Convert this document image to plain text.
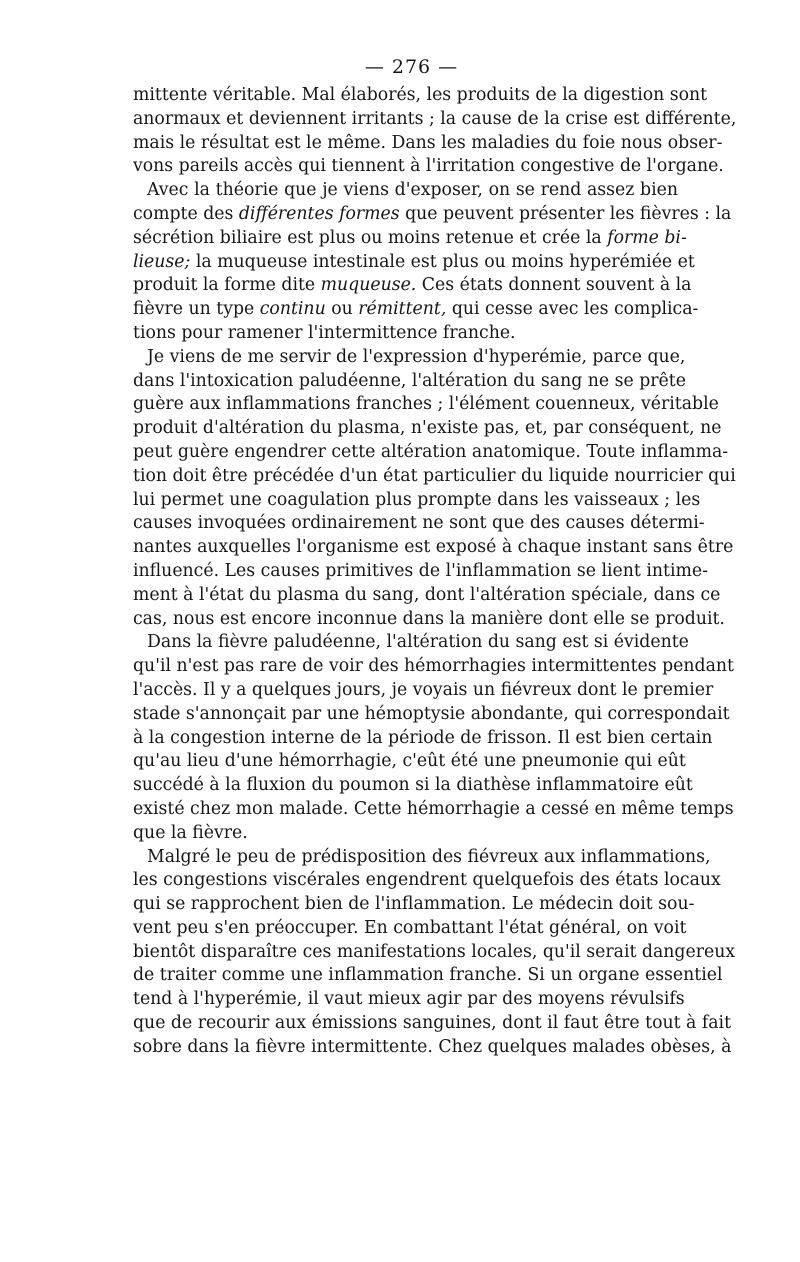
— 276 —
mittente véritable. Mal élaborés, les produits de la digestion sont
anormaux et deviennent irritants ; la cause de la crise est différente,
mais le résultat est le même. Dans les maladies du foie nous obser-
vons pareils accès qui tiennent à l'irritation congestive de l'organe.
Avec la théorie que je viens d'exposer, on se rend assez bien
compte des différentes formes que peuvent présenter les fièvres : la
sécrétion biliaire est plus ou moins retenue et crée la forme bi-
lieuse; la muqueuse intestinale est plus ou moins hyperémiée et
produit la forme dite muqueuse. Ces états donnent souvent à la
fièvre un type continu ou rémittent, qui cesse avec les complica-
tions pour ramener l'intermittence franche.
Je viens de me servir de l'expression d'hyperémie, parce que,
dans l'intoxication paludéenne, l'altération du sang ne se prête
guère aux inflammations franches ; l'élément couenneux, véritable
produit d'altération du plasma, n'existe pas, et, par conséquent, ne
peut guère engendrer cette altération anatomique. Toute inflamma-
tion doit être précédée d'un état particulier du liquide nourricier qui
lui permet une coagulation plus prompte dans les vaisseaux ; les
causes invoquées ordinairement ne sont que des causes détermi-
nantes auxquelles l'organisme est exposé à chaque instant sans être
influencé. Les causes primitives de l'inflammation se lient intime-
ment à l'état du plasma du sang, dont l'altération spéciale, dans ce
cas, nous est encore inconnue dans la manière dont elle se produit.
Dans la fièvre paludéenne, l'altération du sang est si évidente
qu'il n'est pas rare de voir des hémorrhagies intermittentes pendant
l'accès. Il y a quelques jours, je voyais un fiévreux dont le premier
stade s'annonçait par une hémoptysie abondante, qui correspondait
à la congestion interne de la période de frisson. Il est bien certain
qu'au lieu d'une hémorrhagie, c'eût été une pneumonie qui eût
succédé à la fluxion du poumon si la diathèse inflammatoire eût
existé chez mon malade. Cette hémorrhagie a cessé en même temps
que la fièvre.
Malgré le peu de prédisposition des fiévreux aux inflammations,
les congestions viscérales engendrent quelquefois des états locaux
qui se rapprochent bien de l'inflammation. Le médecin doit sou-
vent peu s'en préoccuper. En combattant l'état général, on voit
bientôt disparaître ces manifestations locales, qu'il serait dangereux
de traiter comme une inflammation franche. Si un organe essentiel
tend à l'hyperémie, il vaut mieux agir par des moyens révulsifs
que de recourir aux émissions sanguines, dont il faut être tout à fait
sobre dans la fièvre intermittente. Chez quelques malades obèses, à
